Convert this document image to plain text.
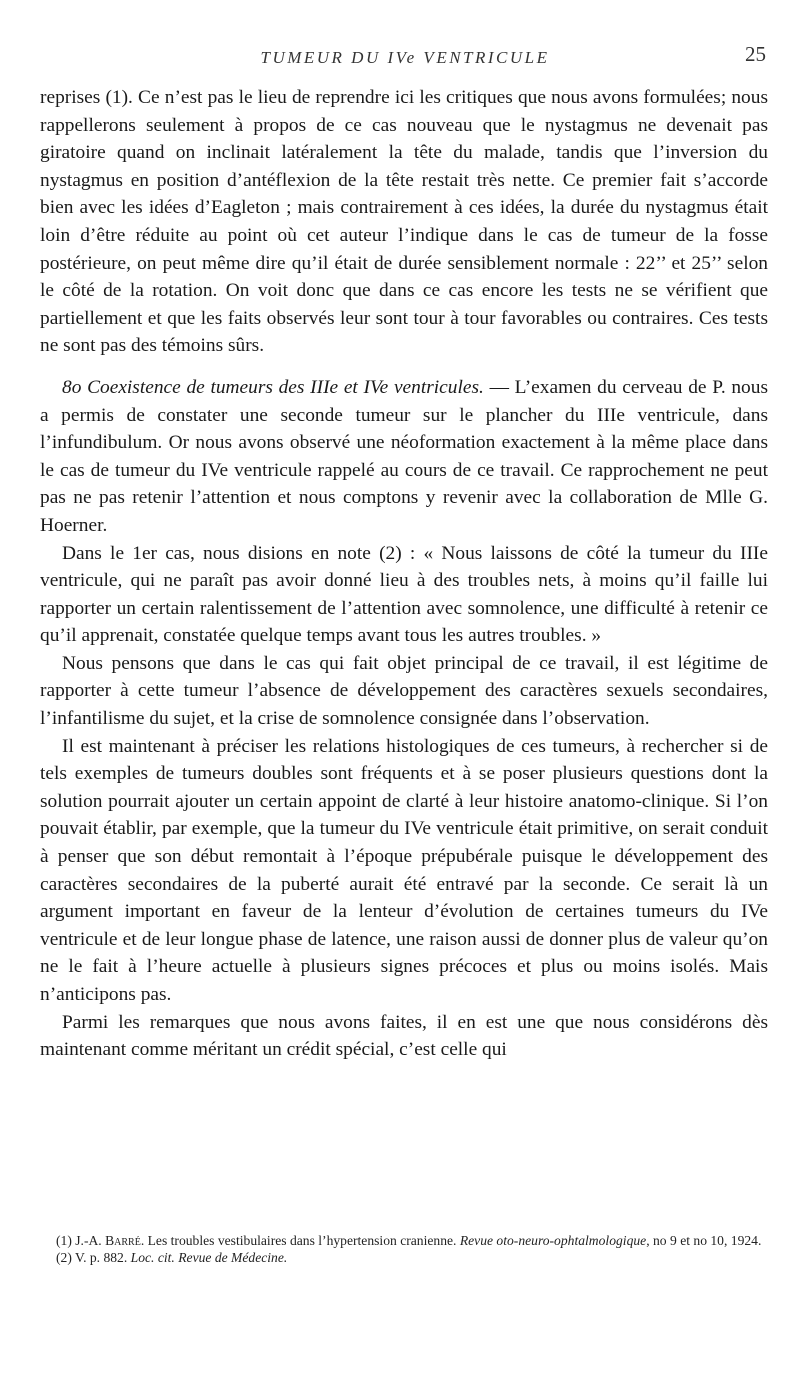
TUMEUR DU IVe VENTRICULE	25

reprises (1). Ce n’est pas le lieu de reprendre ici les critiques que nous avons formulées; nous rappellerons seulement à propos de ce cas nouveau que le nystagmus ne devenait pas giratoire quand on inclinait latéralement la tête du malade, tandis que l’inversion du nystagmus en position d’antéflexion de la tête restait très nette. Ce premier fait s’accorde bien avec les idées d’Eagleton ; mais contrairement à ces idées, la durée du nystagmus était loin d’être réduite au point où cet auteur l’indique dans le cas de tumeur de la fosse postérieure, on peut même dire qu’il était de durée sensiblement normale : 22’’ et 25’’ selon le côté de la rotation. On voit donc que dans ce cas encore les tests ne se vérifient que partiellement et que les faits observés leur sont tour à tour favorables ou contraires. Ces tests ne sont pas des témoins sûrs.

8o Coexistence de tumeurs des IIIe et IVe ventricules. — L’examen du cerveau de P. nous a permis de constater une seconde tumeur sur le plancher du IIIe ventricule, dans l’infundibulum. Or nous avons observé une néoformation exactement à la même place dans le cas de tumeur du IVe ventricule rappelé au cours de ce travail. Ce rapprochement ne peut pas ne pas retenir l’attention et nous comptons y revenir avec la collaboration de Mlle G. Hoerner.

Dans le 1er cas, nous disions en note (2) : « Nous laissons de côté la tumeur du IIIe ventricule, qui ne paraît pas avoir donné lieu à des troubles nets, à moins qu’il faille lui rapporter un certain ralentissement de l’attention avec somnolence, une difficulté à retenir ce qu’il apprenait, constatée quelque temps avant tous les autres troubles. »

Nous pensons que dans le cas qui fait objet principal de ce travail, il est légitime de rapporter à cette tumeur l’absence de développement des caractères sexuels secondaires, l’infantilisme du sujet, et la crise de somnolence consignée dans l’observation.

Il est maintenant à préciser les relations histologiques de ces tumeurs, à rechercher si de tels exemples de tumeurs doubles sont fréquents et à se poser plusieurs questions dont la solution pourrait ajouter un certain appoint de clarté à leur histoire anatomo-clinique. Si l’on pouvait établir, par exemple, que la tumeur du IVe ventricule était primitive, on serait conduit à penser que son début remontait à l’époque prépubérale puisque le développement des caractères secondaires de la puberté aurait été entravé par la seconde. Ce serait là un argument important en faveur de la lenteur d’évolution de certaines tumeurs du IVe ventricule et de leur longue phase de latence, une raison aussi de donner plus de valeur qu’on ne le fait à l’heure actuelle à plusieurs signes précoces et plus ou moins isolés. Mais n’anticipons pas.

Parmi les remarques que nous avons faites, il en est une que nous considérons dès maintenant comme méritant un crédit spécial, c’est celle qui

(1) J.-A. Barré. Les troubles vestibulaires dans l’hypertension cranienne. Revue oto-neuro-ophtalmologique, no 9 et no 10, 1924.

(2) V. p. 882. Loc. cit. Revue de Médecine.
